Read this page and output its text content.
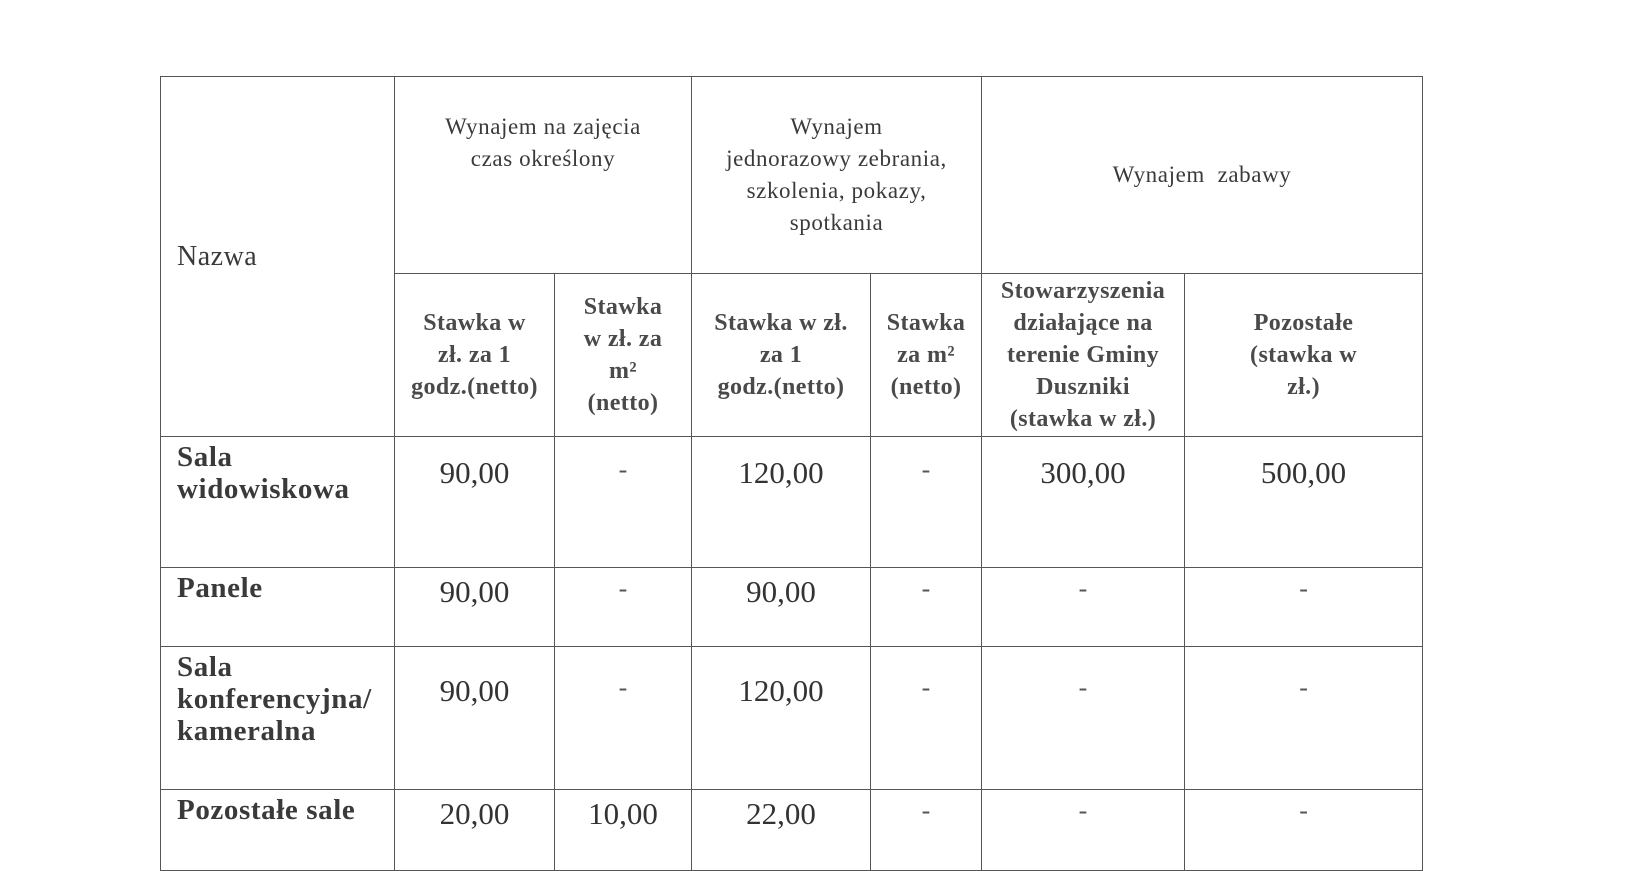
Nazwa	Wynajem na zajęcia
czas określony		Wynajem
jednorazowy zebrania,
szkolenia, pokazy,
spotkania		Wynajem  zabawy	

	Stawka w
zł. za 1
godz.(netto)	Stawka
w zł. za
m²
(netto)	Stawka w zł.
za 1
godz.(netto)	Stawka
za m²
(netto)	Stowarzyszenia
działające na
terenie Gminy
Duszniki
(stawka w zł.)	Pozostałe
(stawka w
zł.)

Sala
widowiskowa	90,00	-	120,00	-	300,00	500,00

Panele	90,00	-	90,00	-	-	-

Sala
konferencyjna/
kameralna	90,00	-	120,00	-	-	-

Pozostałe sale	20,00	10,00	22,00	-	-	-
